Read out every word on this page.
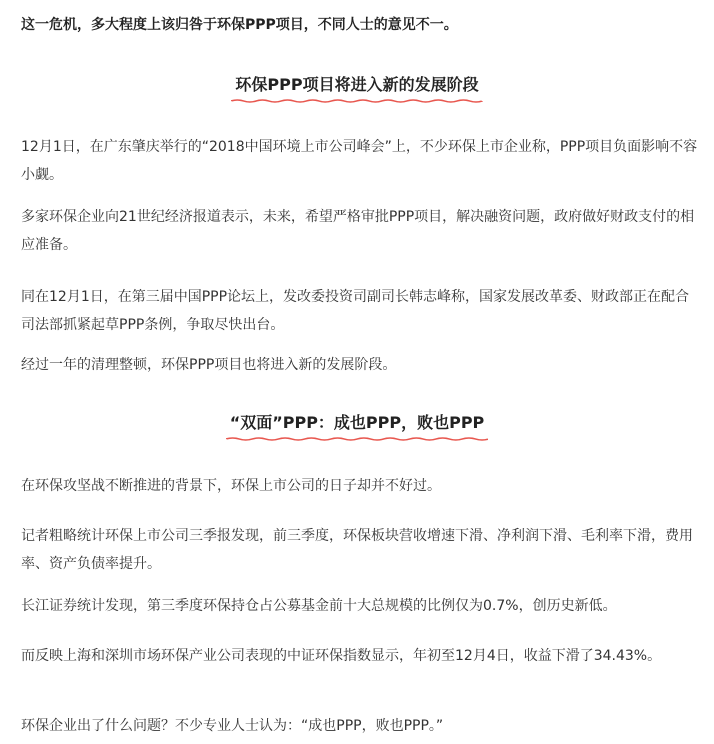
这一危机，多大程度上该归咎于环保PPP项目，不同人士的意见不一。

环保PPP项目将进入新的发展阶段

12月1日，在广东肇庆举行的“2018中国环境上市公司峰会”上，不少环保上市企业称，PPP项目负面影响不容小觑。

多家环保企业向21世纪经济报道表示，未来，希望严格审批PPP项目，解决融资问题，政府做好财政支付的相应准备。

同在12月1日，在第三届中国PPP论坛上，发改委投资司副司长韩志峰称，国家发展改革委、财政部正在配合司法部抓紧起草PPP条例，争取尽快出台。

经过一年的清理整顿，环保PPP项目也将进入新的发展阶段。

“双面”PPP：成也PPP，败也PPP

在环保攻坚战不断推进的背景下，环保上市公司的日子却并不好过。

记者粗略统计环保上市公司三季报发现，前三季度，环保板块营收增速下滑、净利润下滑、毛利率下滑，费用率、资产负债率提升。

长江证券统计发现，第三季度环保持仓占公募基金前十大总规模的比例仅为0.7%，创历史新低。

而反映上海和深圳市场环保产业公司表现的中证环保指数显示，年初至12月4日，收益下滑了34.43%。

环保企业出了什么问题？不少专业人士认为：“成也PPP，败也PPP。”
